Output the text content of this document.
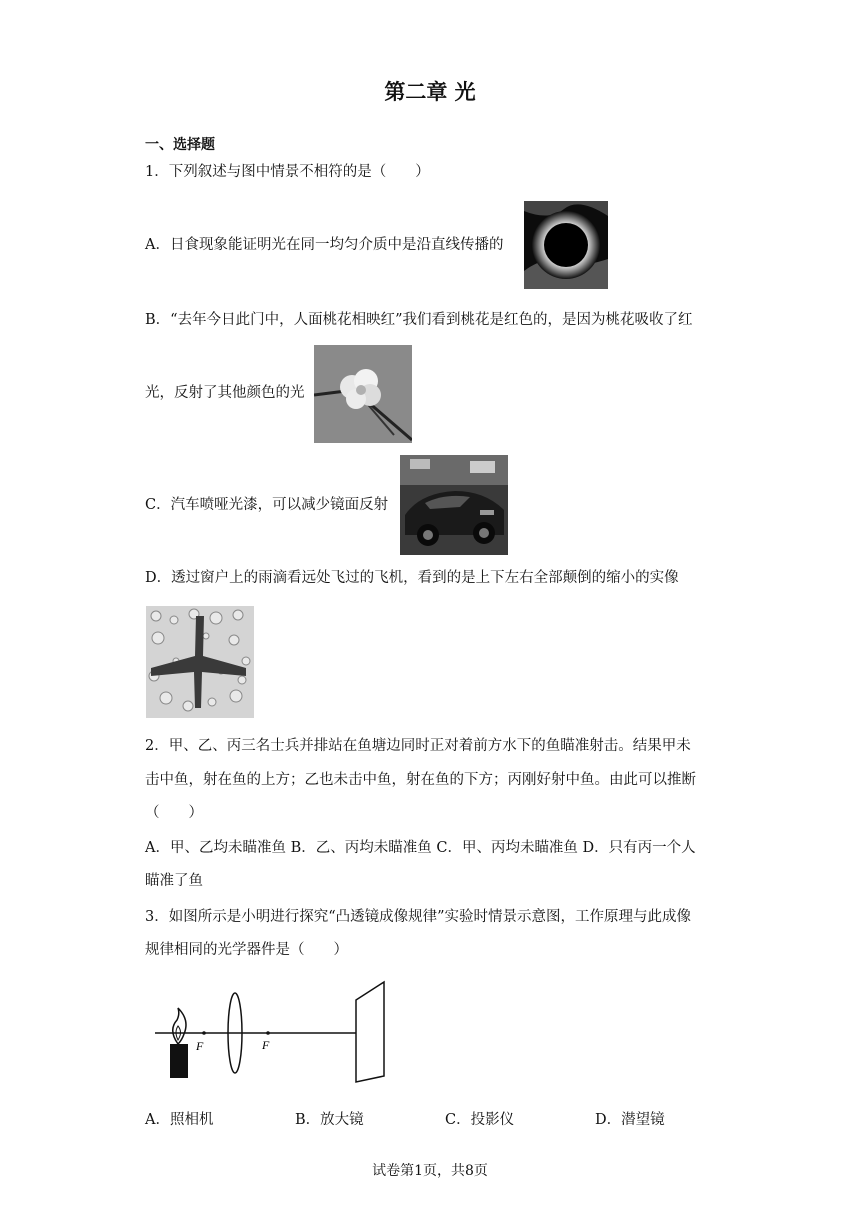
第二章 光
一、选择题
1．下列叙述与图中情景不相符的是（　　）
A．日食现象能证明光在同一均匀介质中是沿直线传播的
B．“去年今日此门中，人面桃花相映红”我们看到桃花是红色的，是因为桃花吸收了红
光，反射了其他颜色的光
C．汽车喷哑光漆，可以减少镜面反射
D．透过窗户上的雨滴看远处飞过的飞机，看到的是上下左右全部颠倒的缩小的实像
2．甲、乙、丙三名士兵并排站在鱼塘边同时正对着前方水下的鱼瞄准射击。结果甲未
击中鱼，射在鱼的上方；乙也未击中鱼，射在鱼的下方；丙刚好射中鱼。由此可以推断
（　　）
A．甲、乙均未瞄准鱼 B．乙、丙均未瞄准鱼 C．甲、丙均未瞄准鱼 D．只有丙一个人
瞄准了鱼
3．如图所示是小明进行探究“凸透镜成像规律”实验时情景示意图，工作原理与此成像
规律相同的光学器件是（　　）
F	F
A．照相机	B．放大镜	C．投影仪	D．潜望镜
试卷第1页，共8页
